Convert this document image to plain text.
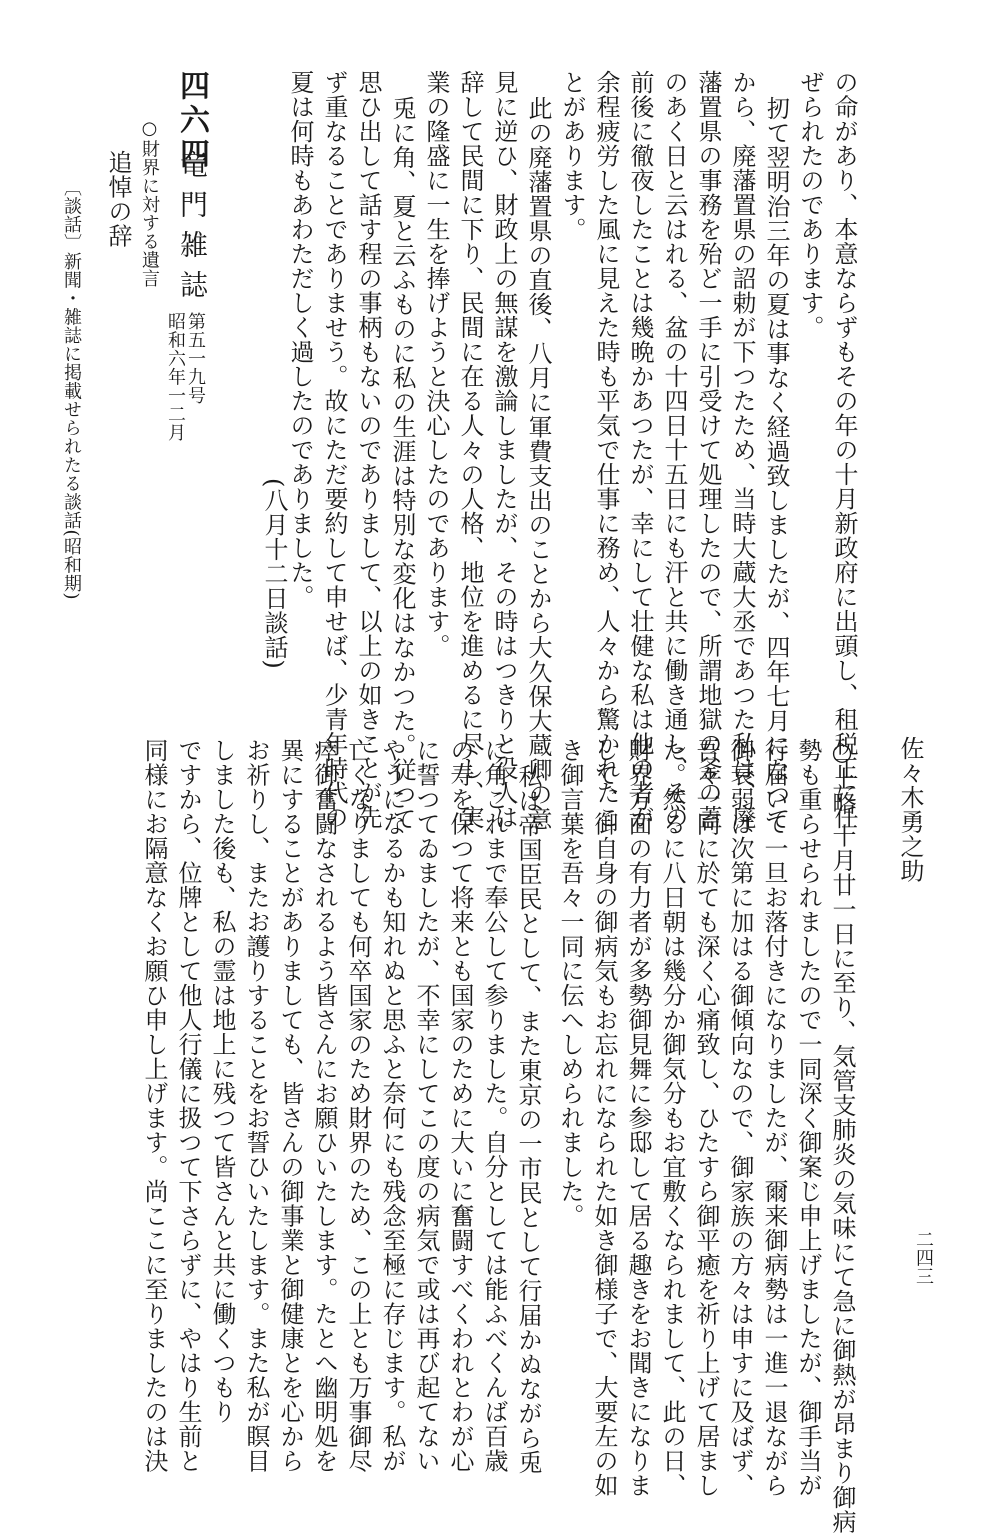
の命があり、本意ならずもその年の十月新政府に出頭し、租税正に任
ぜられたのであります。
扨て翌明治三年の夏は事なく経過致しましたが、四年七月になつて
から、廃藩置県の詔勅が下つたため、当時大蔵大丞であつた私は、廃
藩置県の事務を殆ど一手に引受けて処理したので、所謂地獄の釜の蓋
のあく日と云はれる、盆の十四日十五日にも汗と共に働き通し、その
前後に徹夜したことは幾晩かあつたが、幸にして壮健な私は他の者が
余程疲労した風に見えた時も平気で仕事に務め、人々から驚かれたこ
とがあります。
此の廃藩置県の直後、八月に軍費支出のことから大久保大蔵卿の意
見に逆ひ、財政上の無謀を激論しましたが、その時はつきりと役人は
辞して民間に下り、民間に在る人々の人格、地位を進めるに尽し、実
業の隆盛に一生を捧げようと決心したのであります。
兎に角、夏と云ふものに私の生涯は特別な変化はなかつた。従つて
思ひ出して話す程の事柄もないのでありまして、以上の如きことが先
ず重なることでありませう。故にただ要約して申せば、少青年時代の
夏は何時もあわただしく過したのでありました。
(八月十二日談話)
四六四
竜門雑誌
第五一九号
昭和六年一二月
○財界に対する遺言
追悼の辞
〔談話〕新聞・雑誌に掲載せられたる談話(昭和期)
佐々木勇之助
○上略 十月廿一日に至り、気管支肺炎の気味にて急に御熱が昂まり御病
勢も重らせられましたので一同深く御案じ申上げましたが、御手当が
行届いて一旦お落付きになりましたが、爾来御病勢は一進一退ながら
御衰弱は次第に加はる御傾向なので、御家族の方々は申すに及ばず、
吾々一同に於ても深く心痛致し、ひたすら御平癒を祈り上げて居まし
た。然るに八日朝は幾分か御気分もお宜敷くなられまして、此の日、
財界方面の有力者が多勢御見舞に参邸して居る趣きをお聞きになりま
して、御自身の御病気もお忘れになられた如き御様子で、大要左の如
き御言葉を吾々一同に伝へしめられました。
私は帝国臣民として、また東京の一市民として行届かぬながら兎
に角これまで奉公して参りました。自分としては能ふべくんば百歳
の寿を保つて将来とも国家のために大いに奮闘すべくわれとわが心
に誓つてゐましたが、不幸にしてこの度の病気で或は再び起てない
やうになるかも知れぬと思ふと奈何にも残念至極に存じます。私が
亡くなりましても何卒国家のため財界のため、この上とも万事御尽
瘁御奮闘なされるよう皆さんにお願ひいたします。たとへ幽明処を
異にすることがありましても、皆さんの御事業と御健康とを心から
お祈りし、またお護りすることをお誓ひいたします。また私が瞑目
しました後も、私の霊は地上に残つて皆さんと共に働くつもり
ですから、位牌として他人行儀に扱つて下さらずに、やはり生前と
同様にお隔意なくお願ひ申し上げます。尚ここに至りましたのは決	二四三
